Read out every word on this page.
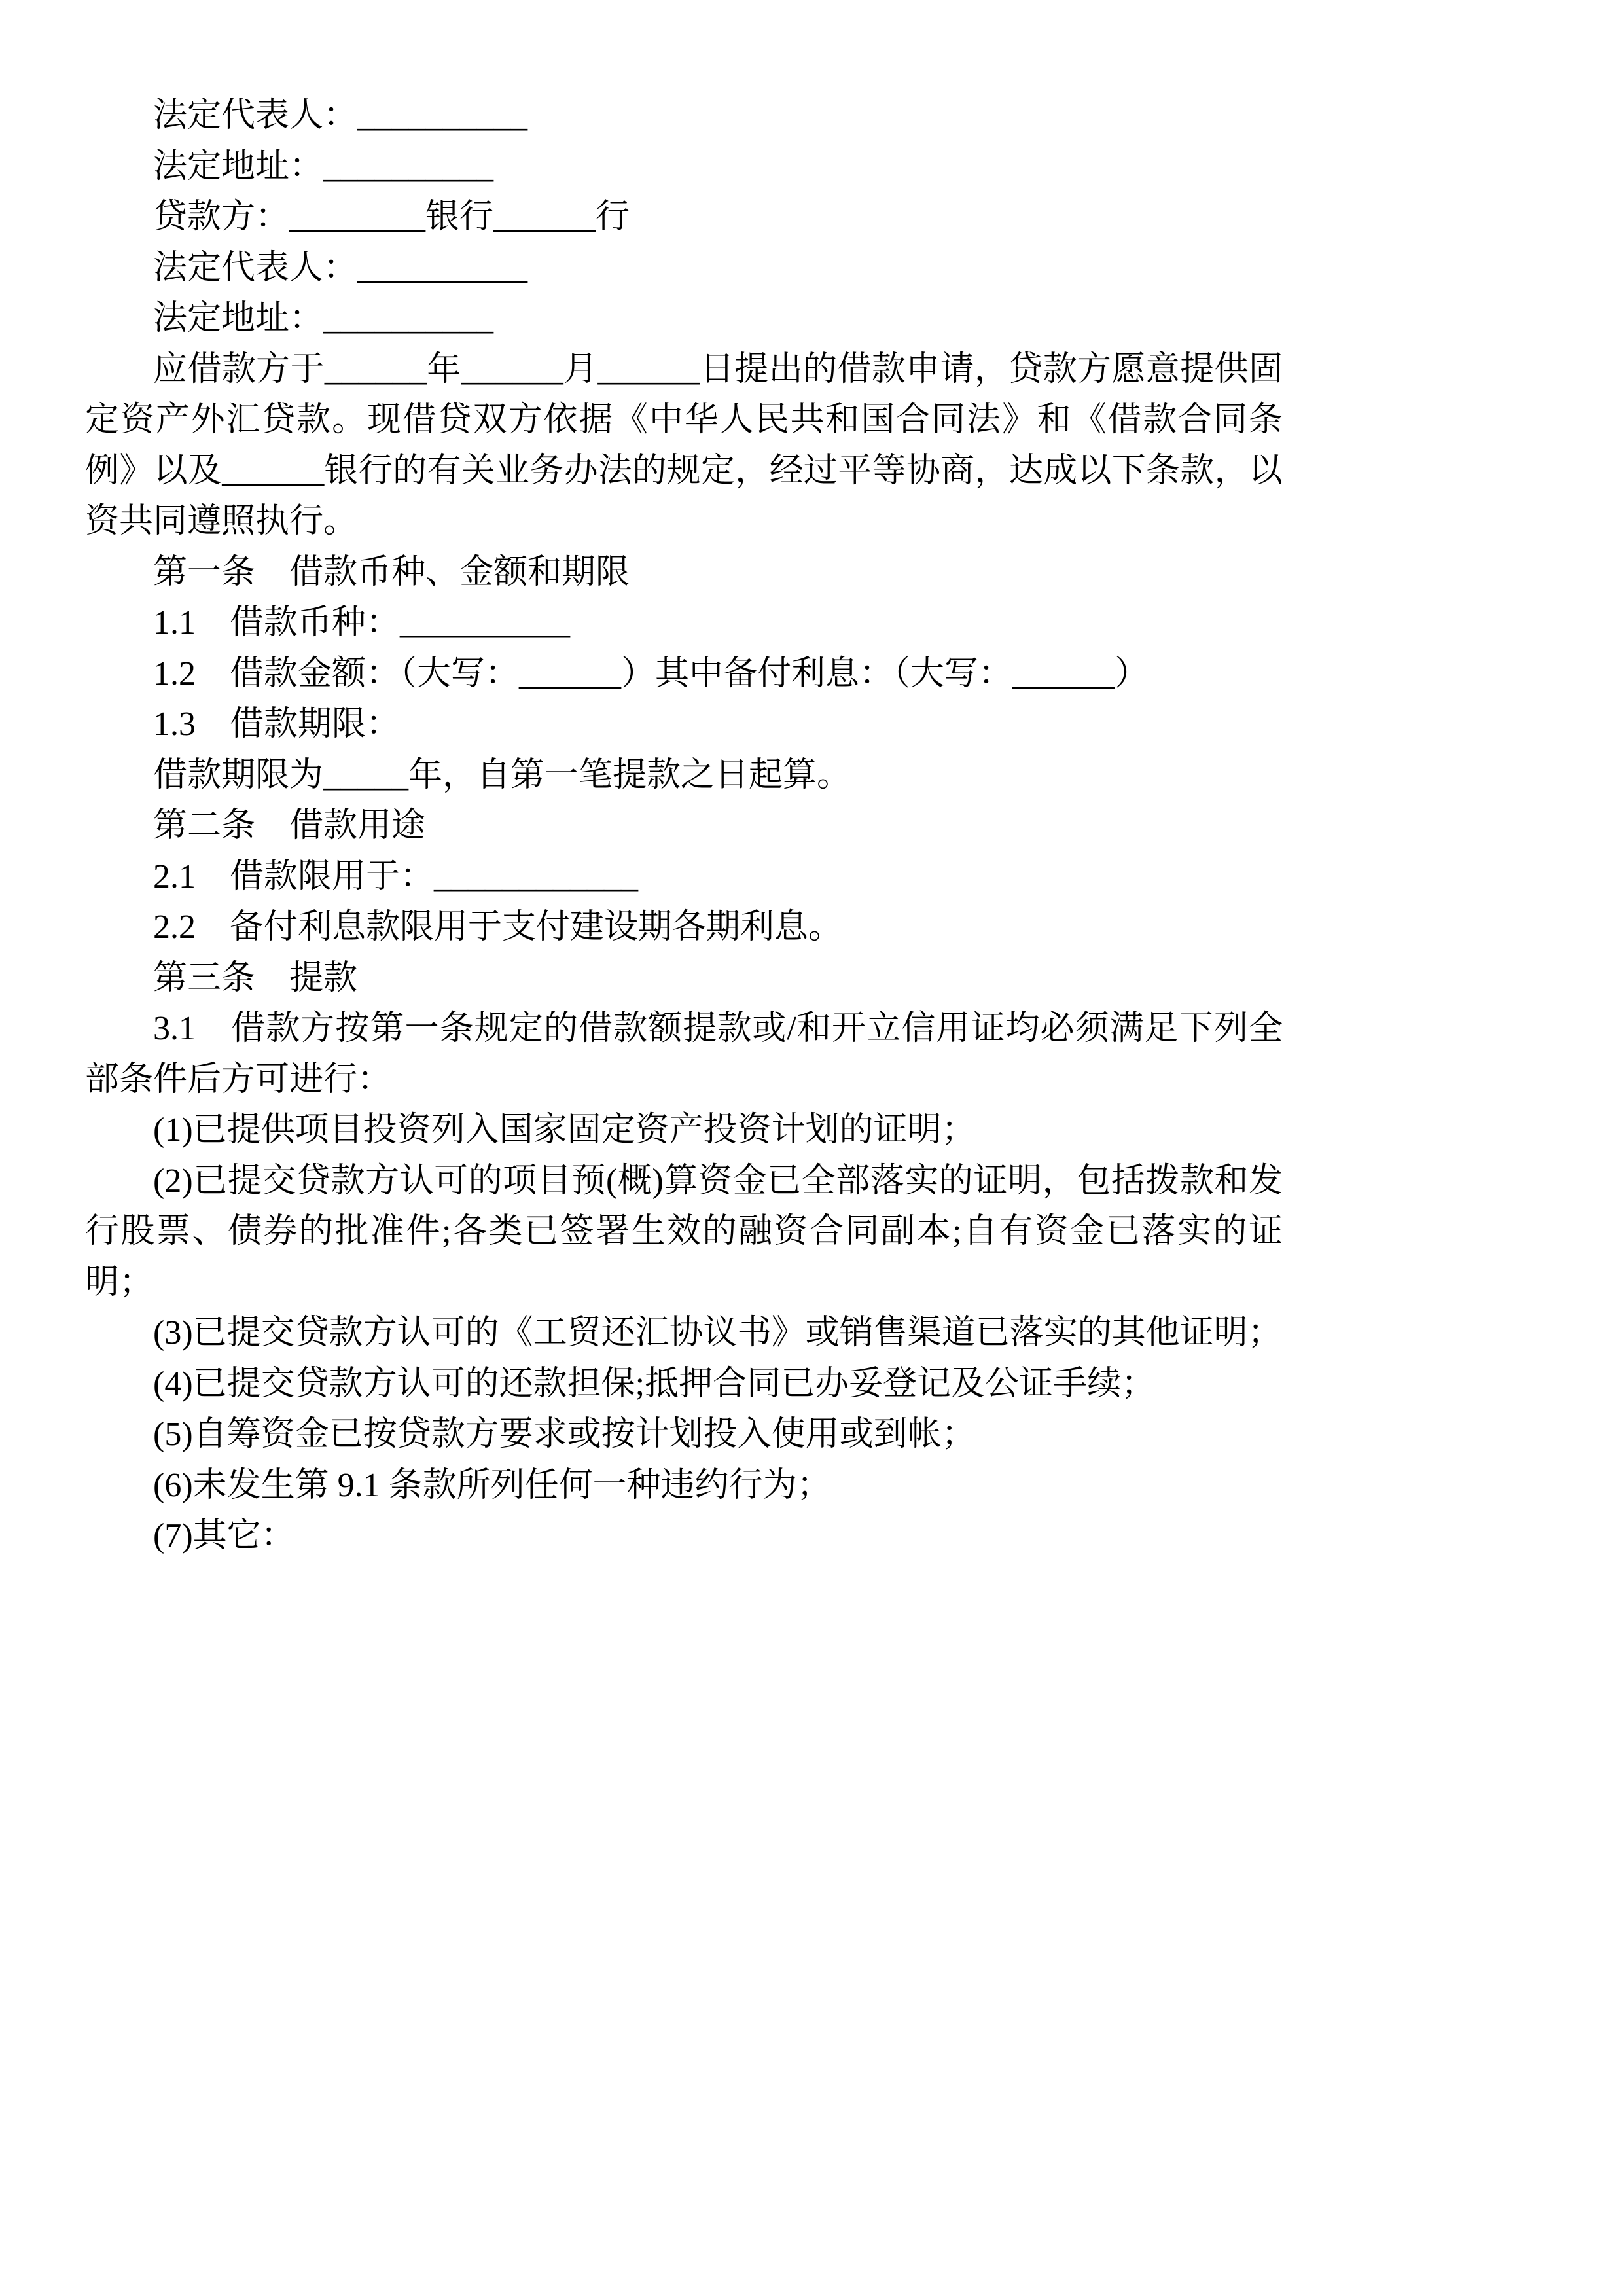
法定代表人：__________

法定地址：__________

贷款方：________银行______行

法定代表人：__________

法定地址：__________

应借款方于______年______月______日提出的借款申请，贷款方愿意提供固定资产外汇贷款。现借贷双方依据《中华人民共和国合同法》和《借款合同条例》以及______银行的有关业务办法的规定，经过平等协商，达成以下条款，以资共同遵照执行。

第一条　借款币种、金额和期限

1.1　借款币种：__________

1.2　借款金额：（大写：______）其中备付利息：（大写：______）

1.3　借款期限：

借款期限为_____年，自第一笔提款之日起算。

第二条　借款用途

2.1　借款限用于：____________

2.2　备付利息款限用于支付建设期各期利息。

第三条　提款

3.1　借款方按第一条规定的借款额提款或/和开立信用证均必须满足下列全部条件后方可进行：

(1)已提供项目投资列入国家固定资产投资计划的证明；

(2)已提交贷款方认可的项目预(概)算资金已全部落实的证明，包括拨款和发行股票、债券的批准件;各类已签署生效的融资合同副本;自有资金已落实的证明；

(3)已提交贷款方认可的《工贸还汇协议书》或销售渠道已落实的其他证明；

(4)已提交贷款方认可的还款担保;抵押合同已办妥登记及公证手续；

(5)自筹资金已按贷款方要求或按计划投入使用或到帐；

(6)未发生第 9.1 条款所列任何一种违约行为；

(7)其它：
